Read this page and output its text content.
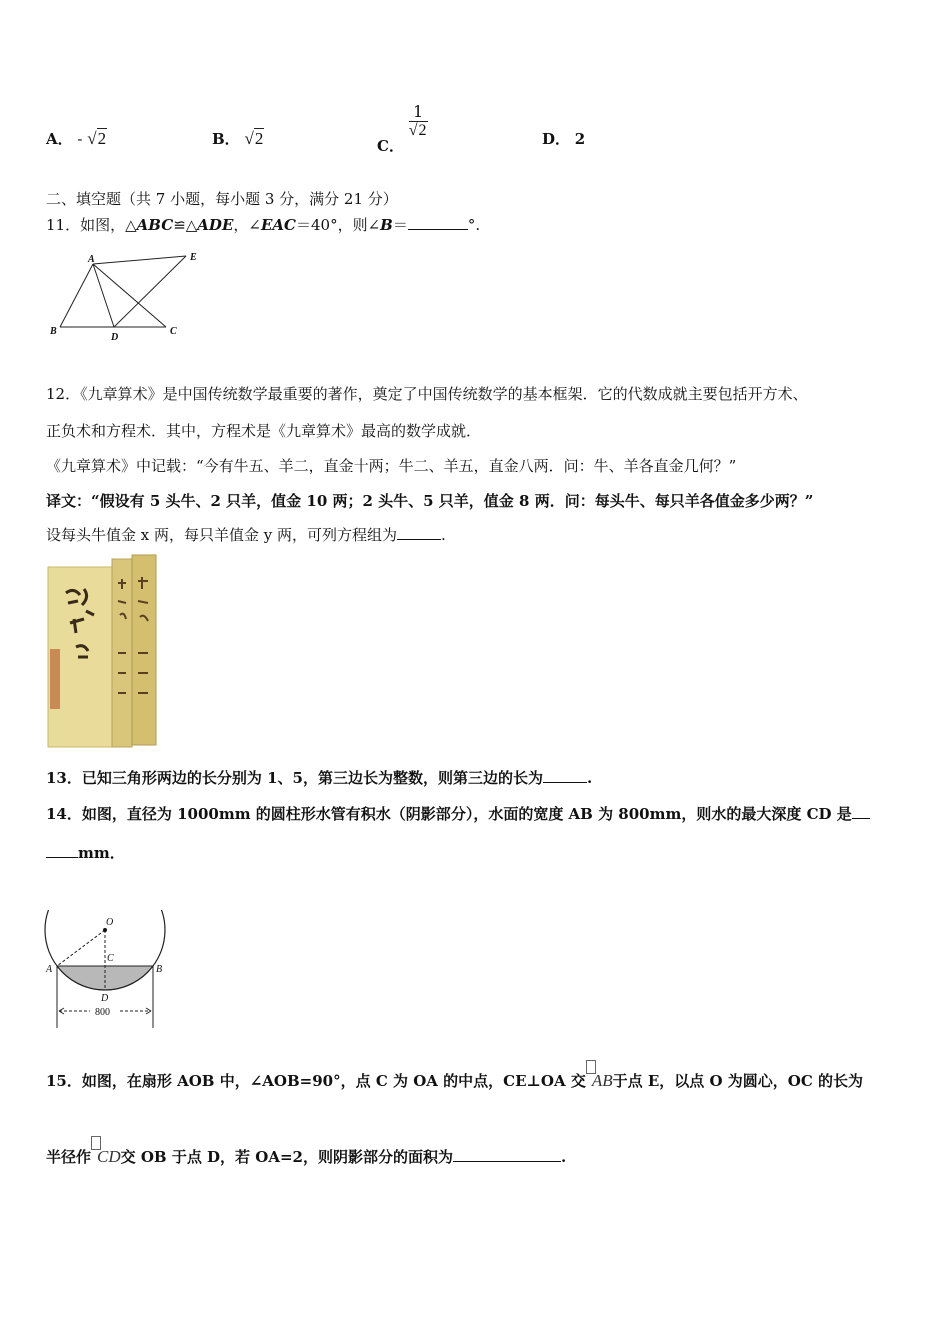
A． - √2	B． √2	C．
$\frac{1}{√2}$	D． 2
二、填空题（共 7 小题，每小题 3 分，满分 21 分）
11．如图，△ABC≌△ADE，∠EAC＝40°，则∠B＝	°.
A	E
B
D
C
12．《九章算术》是中国传统数学最重要的著作，奠定了中国传统数学的基本框架．它的代数成就主要包括开方术、
正负术和方程术．其中，方程术是《九章算术》最高的数学成就．
《九章算术》中记载：“今有牛五、羊二，直金十两；牛二、羊五，直金八两．问：牛、羊各直金几何？”
译文：“假设有 5 头牛、2 只羊，值金 10 两；2 头牛、5 只羊，值金 8 两．问：每头牛、每只羊各值金多少两？”
设每头牛值金 x 两，每只羊值金 y 两，可列方程组为	.
13．已知三角形两边的长分别为 1、5，第三边长为整数，则第三边的长为	.
14．如图，直径为 1000mm 的圆柱形水管有积水（阴影部分），水面的宽度 AB 为 800mm，则水的最大深度 CD 是
mm．
O
C
A	B
D
800
15．如图，在扇形 AOB 中，∠AOB=90°，点 C 为 OA 的中点，CE⊥OA 交 AB于点 E，以点 O 为圆心，OC 的长为
半径作 CD交 OB 于点 D，若 OA=2，则阴影部分的面积为	.
